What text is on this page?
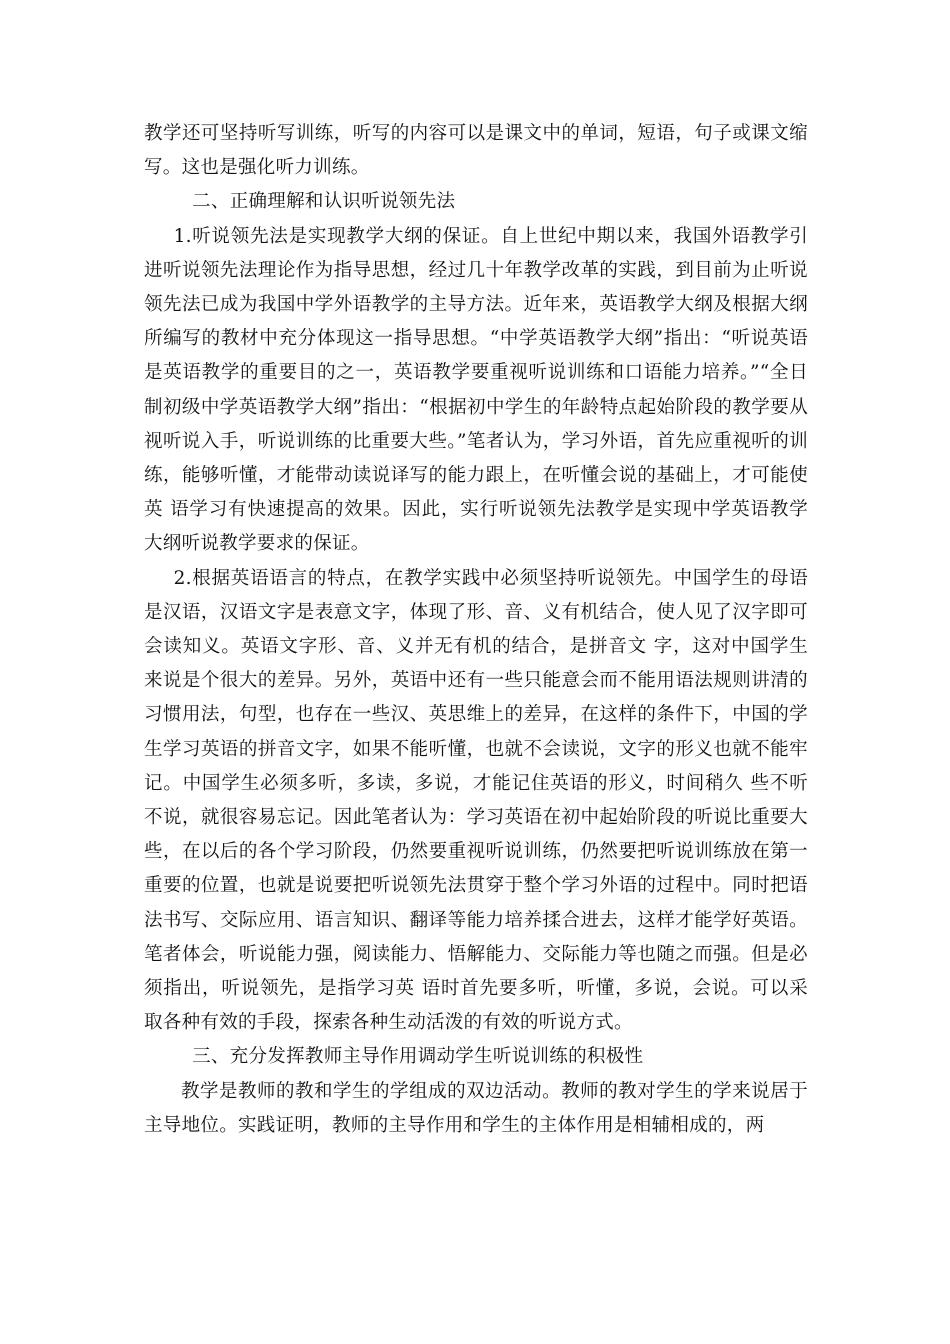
教学还可坚持听写训练，听写的内容可以是课文中的单词，短语，句子或课文缩写。这也是强化听力训练。

二、正确理解和认识听说领先法

1.听说领先法是实现教学大纲的保证。自上世纪中期以来，我国外语教学引进听说领先法理论作为指导思想，经过几十年教学改革的实践，到目前为止听说领先法已成为我国中学外语教学的主导方法。近年来，英语教学大纲及根据大纲所编写的教材中充分体现这一指导思想。“中学英语教学大纲”指出：“听说英语是英语教学的重要目的之一，英语教学要重视听说训练和口语能力培养。”“全日制初级中学英语教学大纲”指出：“根据初中学生的年龄特点起始阶段的教学要从视听说入手，听说训练的比重要大些。”笔者认为，学习外语，首先应重视听的训练，能够听懂，才能带动读说译写的能力跟上，在听懂会说的基础上，才可能使英 语学习有快速提高的效果。因此，实行听说领先法教学是实现中学英语教学大纲听说教学要求的保证。

2.根据英语语言的特点，在教学实践中必须坚持听说领先。中国学生的母语是汉语，汉语文字是表意文字，体现了形、音、义有机结合，使人见了汉字即可会读知义。英语文字形、音、义并无有机的结合，是拼音文 字，这对中国学生来说是个很大的差异。另外，英语中还有一些只能意会而不能用语法规则讲清的习惯用法，句型，也存在一些汉、英思维上的差异，在这样的条件下，中国的学生学习英语的拼音文字，如果不能听懂，也就不会读说，文字的形义也就不能牢记。中国学生必须多听，多读，多说，才能记住英语的形义，时间稍久 些不听不说，就很容易忘记。因此笔者认为：学习英语在初中起始阶段的听说比重要大些，在以后的各个学习阶段，仍然要重视听说训练，仍然要把听说训练放在第一重要的位置，也就是说要把听说领先法贯穿于整个学习外语的过程中。同时把语法书写、交际应用、语言知识、翻译等能力培养揉合进去，这样才能学好英语。笔者体会，听说能力强，阅读能力、悟解能力、交际能力等也随之而强。但是必须指出，听说领先，是指学习英 语时首先要多听，听懂，多说，会说。可以采取各种有效的手段，探索各种生动活泼的有效的听说方式。

三、充分发挥教师主导作用调动学生听说训练的积极性

教学是教师的教和学生的学组成的双边活动。教师的教对学生的学来说居于主导地位。实践证明，教师的主导作用和学生的主体作用是相辅相成的，两
